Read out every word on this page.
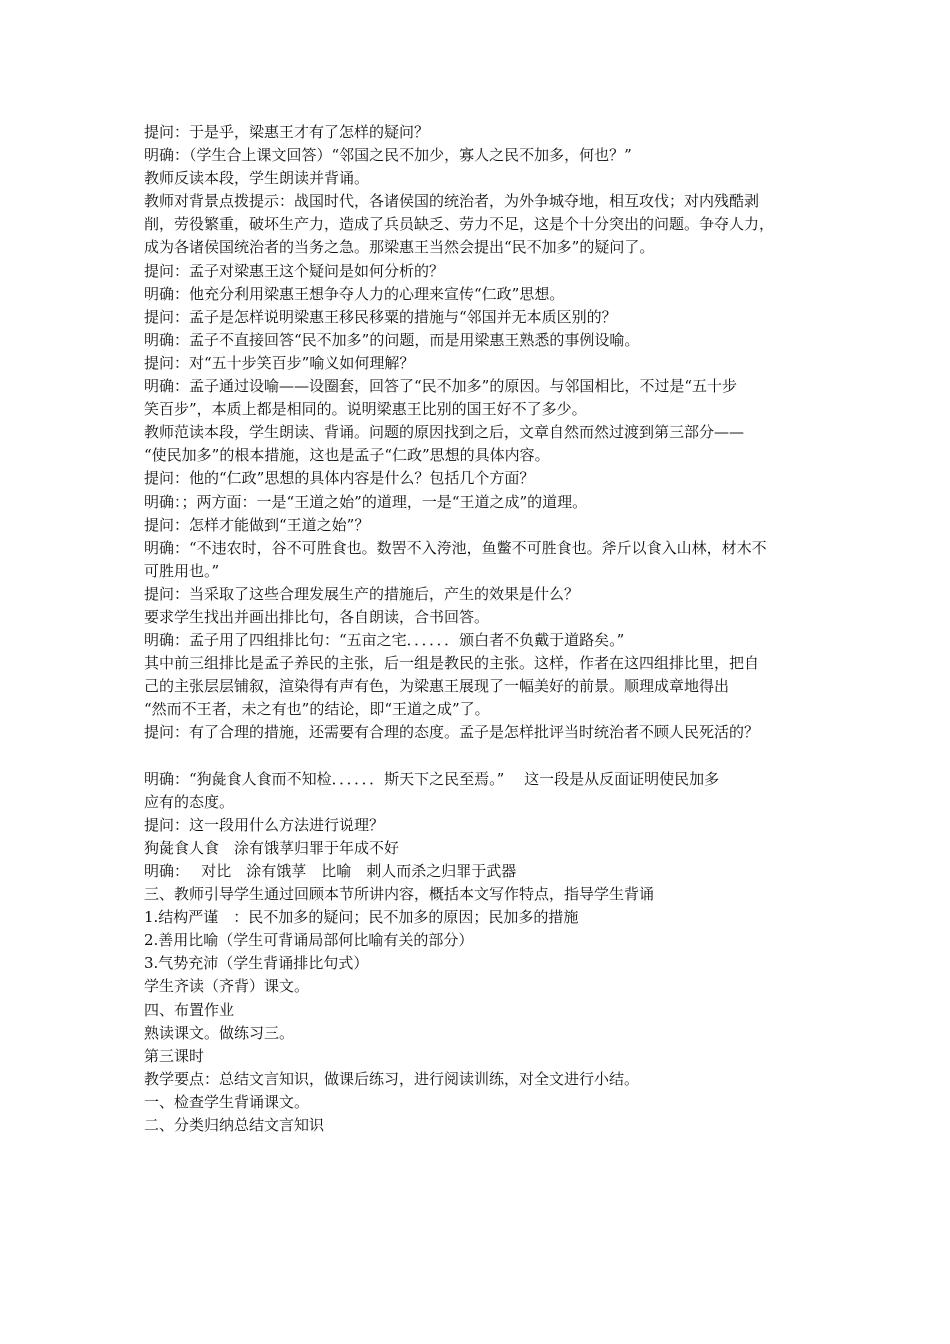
提问：于是乎，梁惠王才有了怎样的疑问？
明确：（学生合上课文回答）“邻国之民不加少，寡人之民不加多，何也？”
教师反读本段，学生朗读并背诵。
教师对背景点拨提示：战国时代，各诸侯国的统治者，为外争城夺地，相互攻伐；对内残酷剥
削，劳役繁重，破坏生产力，造成了兵员缺乏、劳力不足，这是个十分突出的问题。争夺人力，
成为各诸侯国统治者的当务之急。那梁惠王当然会提出“民不加多”的疑问了。
提问：孟子对梁惠王这个疑问是如何分析的？
明确：他充分利用梁惠王想争夺人力的心理来宣传“仁政”思想。
提问：孟子是怎样说明梁惠王移民移粟的措施与“邻国并无本质区别的？
明确：孟子不直接回答“民不加多”的问题，而是用梁惠王熟悉的事例设喻。
提问：对“五十步笑百步”喻义如何理解？
明确：孟子通过设喻——设圈套，回答了“民不加多”的原因。与邻国相比，不过是“五十步
笑百步”，本质上都是相同的。说明梁惠王比别的国王好不了多少。
教师范读本段，学生朗读、背诵。问题的原因找到之后，文章自然而然过渡到第三部分——
“使民加多”的根本措施，这也是孟子“仁政”思想的具体内容。
提问：他的“仁政”思想的具体内容是什么？包括几个方面？
明确：；两方面：一是“王道之始”的道理，一是“王道之成”的道理。
提问：怎样才能做到“王道之始”？
明确：“不违农时，谷不可胜食也。数罟不入洿池，鱼鳖不可胜食也。斧斤以食入山林，材木不
可胜用也。”
提问：当采取了这些合理发展生产的措施后，产生的效果是什么？
要求学生找出并画出排比句，各自朗读，合书回答。
明确：孟子用了四组排比句：“五亩之宅．．．．．．颁白者不负戴于道路矣。”
其中前三组排比是孟子养民的主张，后一组是教民的主张。这样，作者在这四组排比里，把自
己的主张层层铺叙，渲染得有声有色，为梁惠王展现了一幅美好的前景。顺理成章地得出
“然而不王者，未之有也”的结论，即“王道之成”了。
提问：有了合理的措施，还需要有合理的态度。孟子是怎样批评当时统治者不顾人民死活的？
明确：“狗彘食人食而不知检．．．．．．斯天下之民至焉。”　 这一段是从反面证明使民加多
应有的态度。
提问：这一段用什么方法进行说理？
狗彘食人食　涂有饿莩归罪于年成不好
明确：　 对比　涂有饿莩　比喻　刺人而杀之归罪于武器
三、教师引导学生通过回顾本节所讲内容，概括本文写作特点，指导学生背诵
1.结构严谨　：民不加多的疑问；民不加多的原因；民加多的措施
2.善用比喻（学生可背诵局部何比喻有关的部分）
3.气势充沛（学生背诵排比句式）
学生齐读（齐背）课文。
四、布置作业
熟读课文。做练习三。
第三课时
教学要点：总结文言知识，做课后练习，进行阅读训练，对全文进行小结。
一、检查学生背诵课文。
二、分类归纳总结文言知识
